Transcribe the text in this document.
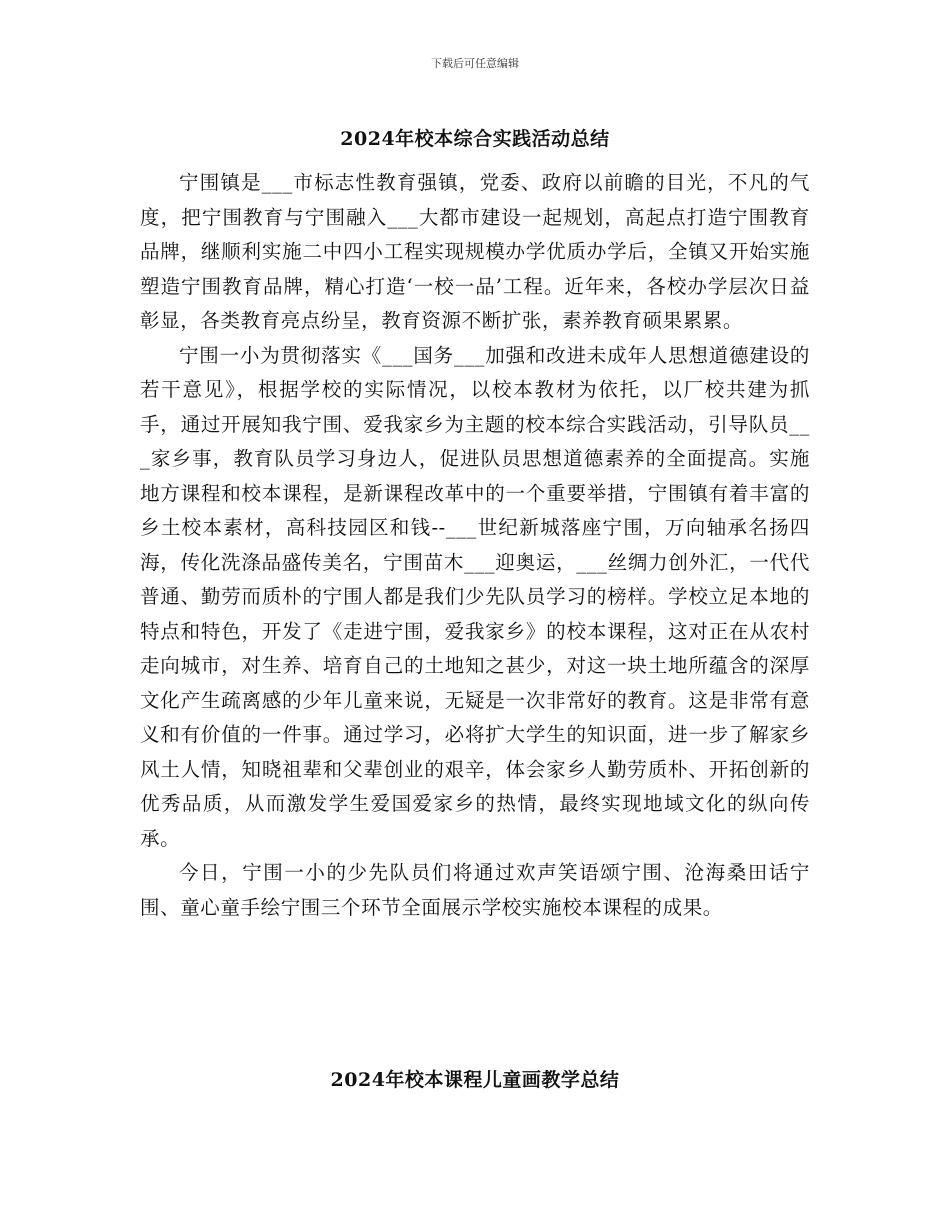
下载后可任意编辑
2024年校本综合实践活动总结

宁围镇是___市标志性教育强镇，党委、政府以前瞻的目光，不凡的气度，把宁围教育与宁围融入___大都市建设一起规划，高起点打造宁围教育品牌，继顺利实施二中四小工程实现规模办学优质办学后，全镇又开始实施塑造宁围教育品牌，精心打造‘一校一品’工程。近年来，各校办学层次日益彰显，各类教育亮点纷呈，教育资源不断扩张，素养教育硕果累累。

宁围一小为贯彻落实《___国务___加强和改进未成年人思想道德建设的若干意见》，根据学校的实际情况，以校本教材为依托，以厂校共建为抓手，通过开展知我宁围、爱我家乡为主题的校本综合实践活动，引导队员___家乡事，教育队员学习身边人，促进队员思想道德素养的全面提高。实施地方课程和校本课程，是新课程改革中的一个重要举措，宁围镇有着丰富的乡土校本素材，高科技园区和钱--___世纪新城落座宁围，万向轴承名扬四海，传化洗涤品盛传美名，宁围苗木___迎奥运，___丝绸力创外汇，一代代普通、勤劳而质朴的宁围人都是我们少先队员学习的榜样。学校立足本地的特点和特色，开发了《走进宁围，爱我家乡》的校本课程，这对正在从农村走向城市，对生养、培育自己的土地知之甚少，对这一块土地所蕴含的深厚文化产生疏离感的少年儿童来说，无疑是一次非常好的教育。这是非常有意义和有价值的一件事。通过学习，必将扩大学生的知识面，进一步了解家乡风土人情，知晓祖辈和父辈创业的艰辛，体会家乡人勤劳质朴、开拓创新的优秀品质，从而激发学生爱国爱家乡的热情，最终实现地域文化的纵向传承。

今日，宁围一小的少先队员们将通过欢声笑语颂宁围、沧海桑田话宁围、童心童手绘宁围三个环节全面展示学校实施校本课程的成果。

2024年校本课程儿童画教学总结
